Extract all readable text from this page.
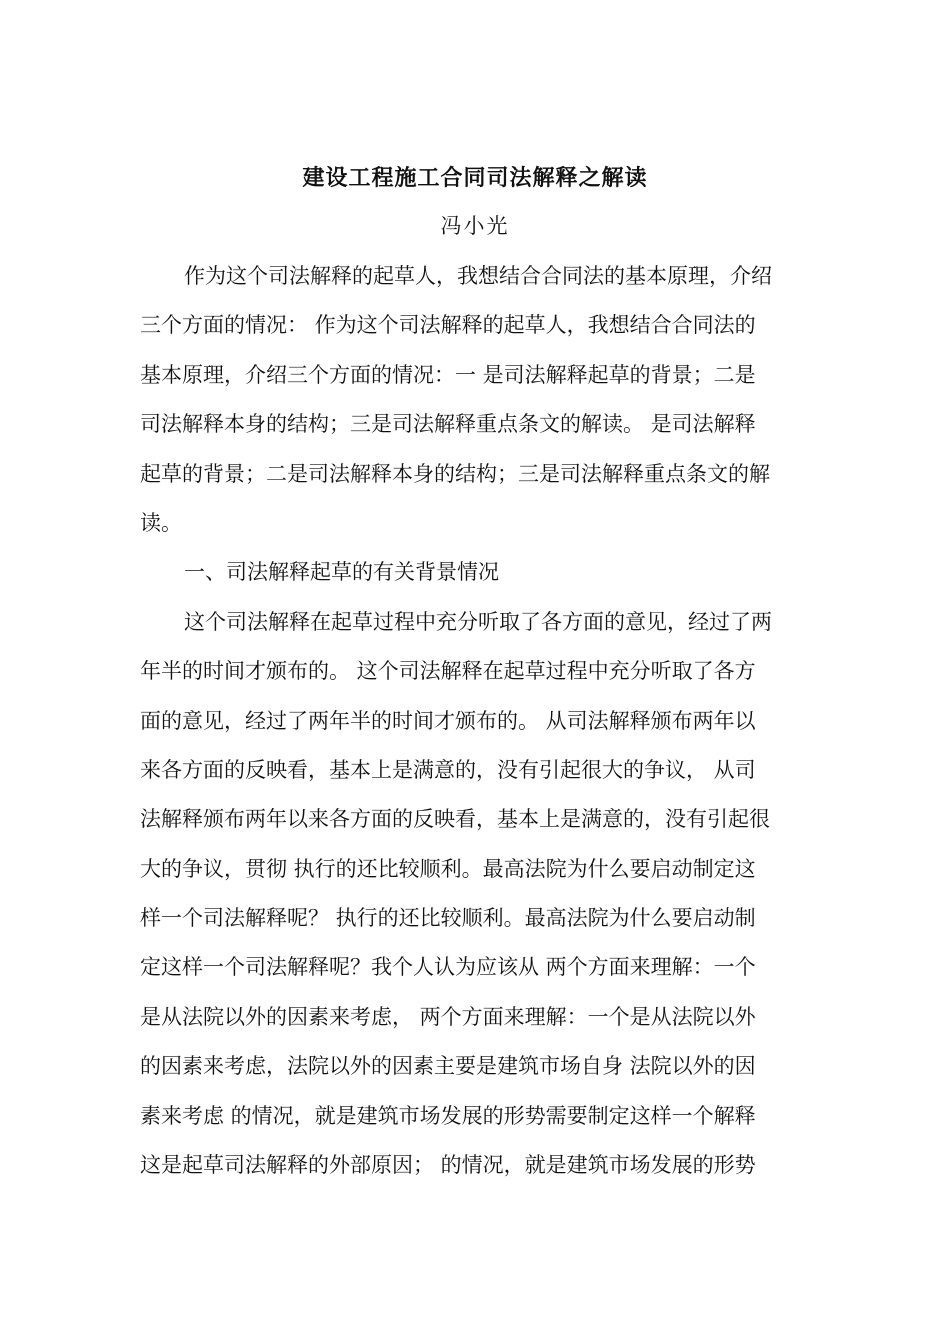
建设工程施工合同司法解释之解读
冯小光
作为这个司法解释的起草人，我想结合合同法的基本原理，介绍
三个方面的情况： 作为这个司法解释的起草人，我想结合合同法的
基本原理，介绍三个方面的情况：一 是司法解释起草的背景；二是
司法解释本身的结构；三是司法解释重点条文的解读。 是司法解释
起草的背景；二是司法解释本身的结构；三是司法解释重点条文的解
读。
一、司法解释起草的有关背景情况
这个司法解释在起草过程中充分听取了各方面的意见，经过了两
年半的时间才颁布的。 这个司法解释在起草过程中充分听取了各方
面的意见，经过了两年半的时间才颁布的。 从司法解释颁布两年以
来各方面的反映看，基本上是满意的，没有引起很大的争议， 从司
法解释颁布两年以来各方面的反映看，基本上是满意的，没有引起很
大的争议，贯彻 执行的还比较顺利。最高法院为什么要启动制定这
样一个司法解释呢？ 执行的还比较顺利。最高法院为什么要启动制
定这样一个司法解释呢？我个人认为应该从 两个方面来理解：一个
是从法院以外的因素来考虑， 两个方面来理解：一个是从法院以外
的因素来考虑，法院以外的因素主要是建筑市场自身 法院以外的因
素来考虑 的情况，就是建筑市场发展的形势需要制定这样一个解释
这是起草司法解释的外部原因； 的情况，就是建筑市场发展的形势
